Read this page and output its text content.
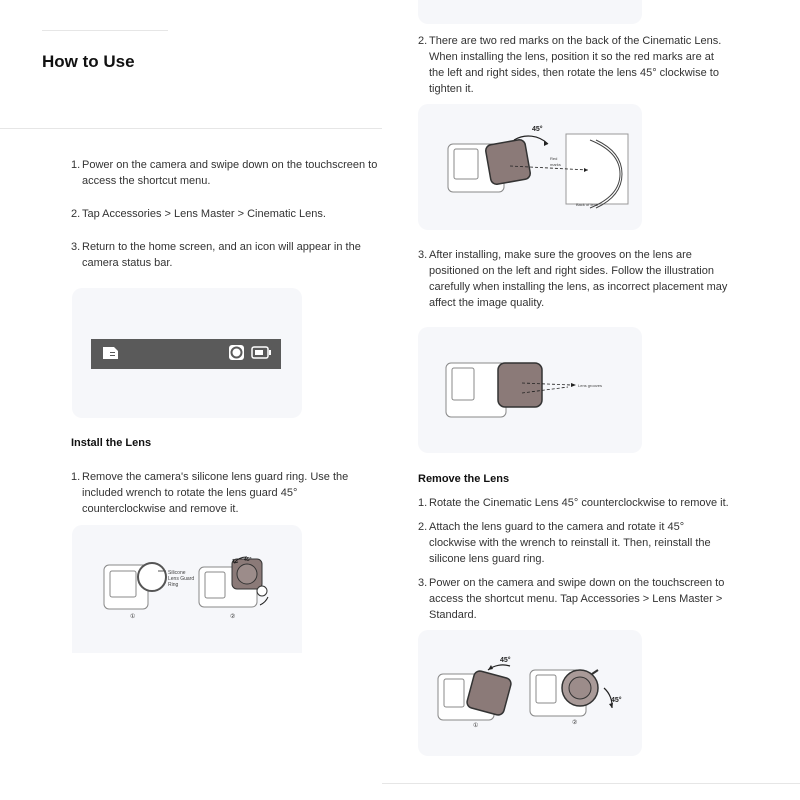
How to Use
1. Power on the camera and swipe down on the touchscreen to access the shortcut menu.
2. Tap Accessories > Lens Master > Cinematic Lens.
3. Return to the home screen, and an icon will appear in the camera status bar.
Install the Lens
1. Remove the camera's silicone lens guard ring. Use the included wrench to rotate the lens guard 45° counterclockwise and remove it.
Silicone Lens Guard Ring
45°
①	②
2. There are two red marks on the back of the Cinematic Lens. When installing the lens, position it so the red marks are at the left and right sides, then rotate the lens 45° clockwise to tighten it.
45°
Red marks
Back of lens
3. After installing, make sure the grooves on the lens are positioned on the left and right sides. Follow the illustration carefully when installing the lens, as incorrect placement may affect the image quality.
Lens grooves
Remove the Lens
1. Rotate the Cinematic Lens 45° counterclockwise to remove it.
2. Attach the lens guard to the camera and rotate it 45° clockwise with the wrench to reinstall it. Then, reinstall the silicone lens guard ring.
3. Power on the camera and swipe down on the touchscreen to access the shortcut menu. Tap Accessories > Lens Master > Standard.
45°
45°
①	②
